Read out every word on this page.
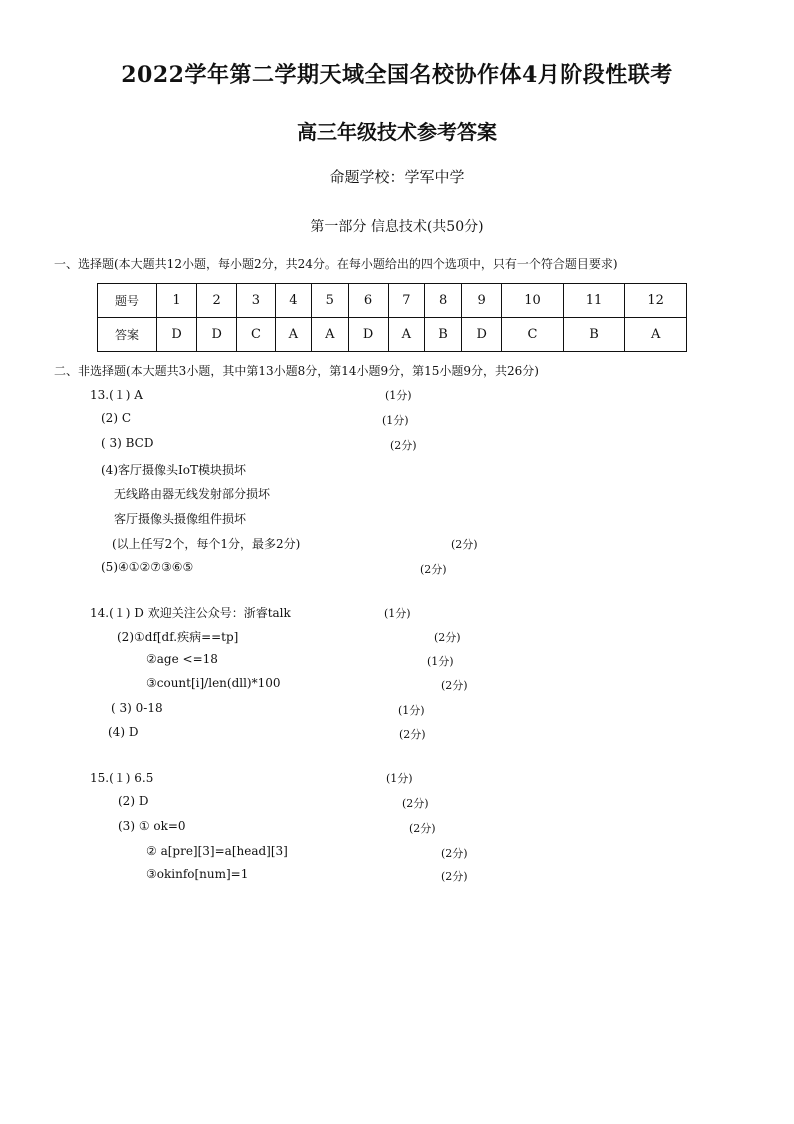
2022学年第二学期天域全国名校协作体4月阶段性联考
高三年级技术参考答案
命题学校：学军中学
第一部分 信息技术(共50分)
一、选择题(本大题共12小题，每小题2分，共24分。在每小题给出的四个选项中，只有一个符合题目要求)
题号	1	2	3	4	5	6	7	8	9	10	11	12
答案	D	D	C	A	A	D	A	B	D	C	B	A
二、非选择题(本大题共3小题，其中第13小题8分，第14小题9分，第15小题9分，共26分)
13.(１) A	(1分)
(2) C	(1分)
( 3) BCD	(2分)
(4)客厅摄像头IoT模块损坏
无线路由器无线发射部分损坏
客厅摄像头摄像组件损坏
(以上任写2个，每个1分，最多2分)	(2分)
(5)④①②⑦③⑥⑤	(2分)
14.(１) D 欢迎关注公众号：浙睿talk	(1分)
(2)①df[df.疾病==tp]	(2分)
②age <=18	(1分)
③count[i]/len(dll)*100	(2分)
( 3) 0-18	(1分)
(4) D	(2分)
15.(１) 6.5	(1分)
(2) D	(2分)
(3) ① ok=0	(2分)
② a[pre][3]=a[head][3]	(2分)
③okinfo[num]=1	(2分)
